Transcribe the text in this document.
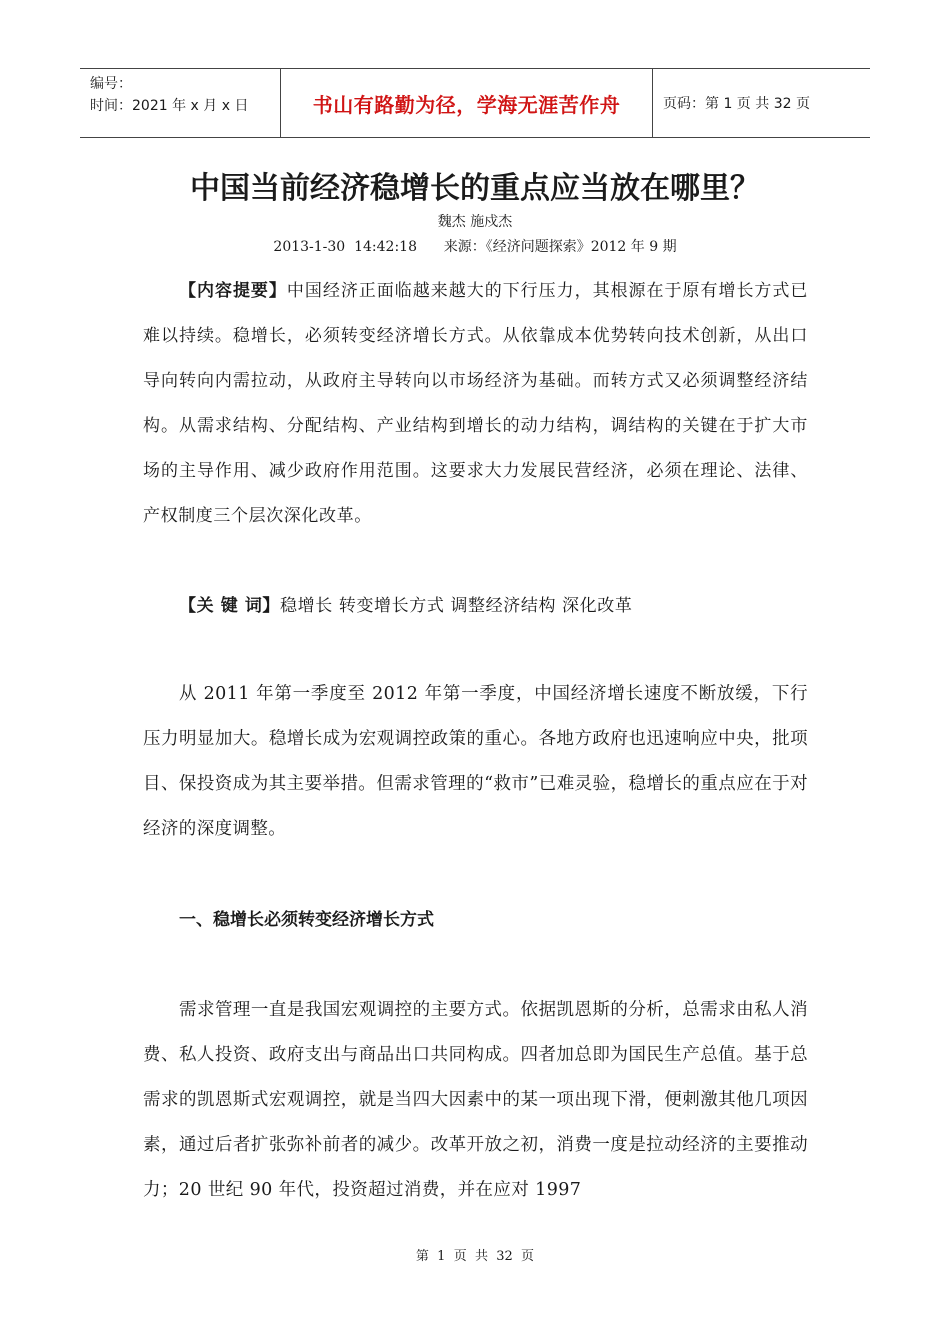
编号：
时间：2021 年 x 月 x 日	书山有路勤为径，学海无涯苦作舟	页码：第 1 页 共 32 页
中国当前经济稳增长的重点应当放在哪里？
魏杰 施戍杰
2013-1-30  14:42:18      来源：《经济问题探索》2012 年 9 期
【内容提要】中国经济正面临越来越大的下行压力，其根源在于原有增长方式已难以持续。稳增长，必须转变经济增长方式。从依靠成本优势转向技术创新，从出口导向转向内需拉动，从政府主导转向以市场经济为基础。而转方式又必须调整经济结构。从需求结构、分配结构、产业结构到增长的动力结构，调结构的关键在于扩大市场的主导作用、减少政府作用范围。这要求大力发展民营经济，必须在理论、法律、产权制度三个层次深化改革。
【关 键 词】稳增长 转变增长方式 调整经济结构 深化改革
从 2011 年第一季度至 2012 年第一季度，中国经济增长速度不断放缓，下行压力明显加大。稳增长成为宏观调控政策的重心。各地方政府也迅速响应中央，批项目、保投资成为其主要举措。但需求管理的“救市”已难灵验，稳增长的重点应在于对经济的深度调整。
一、稳增长必须转变经济增长方式
需求管理一直是我国宏观调控的主要方式。依据凯恩斯的分析，总需求由私人消费、私人投资、政府支出与商品出口共同构成。四者加总即为国民生产总值。基于总需求的凯恩斯式宏观调控，就是当四大因素中的某一项出现下滑，便刺激其他几项因素，通过后者扩张弥补前者的减少。改革开放之初，消费一度是拉动经济的主要推动力；20 世纪 90 年代，投资超过消费，并在应对 1997
第  1  页  共  32  页
